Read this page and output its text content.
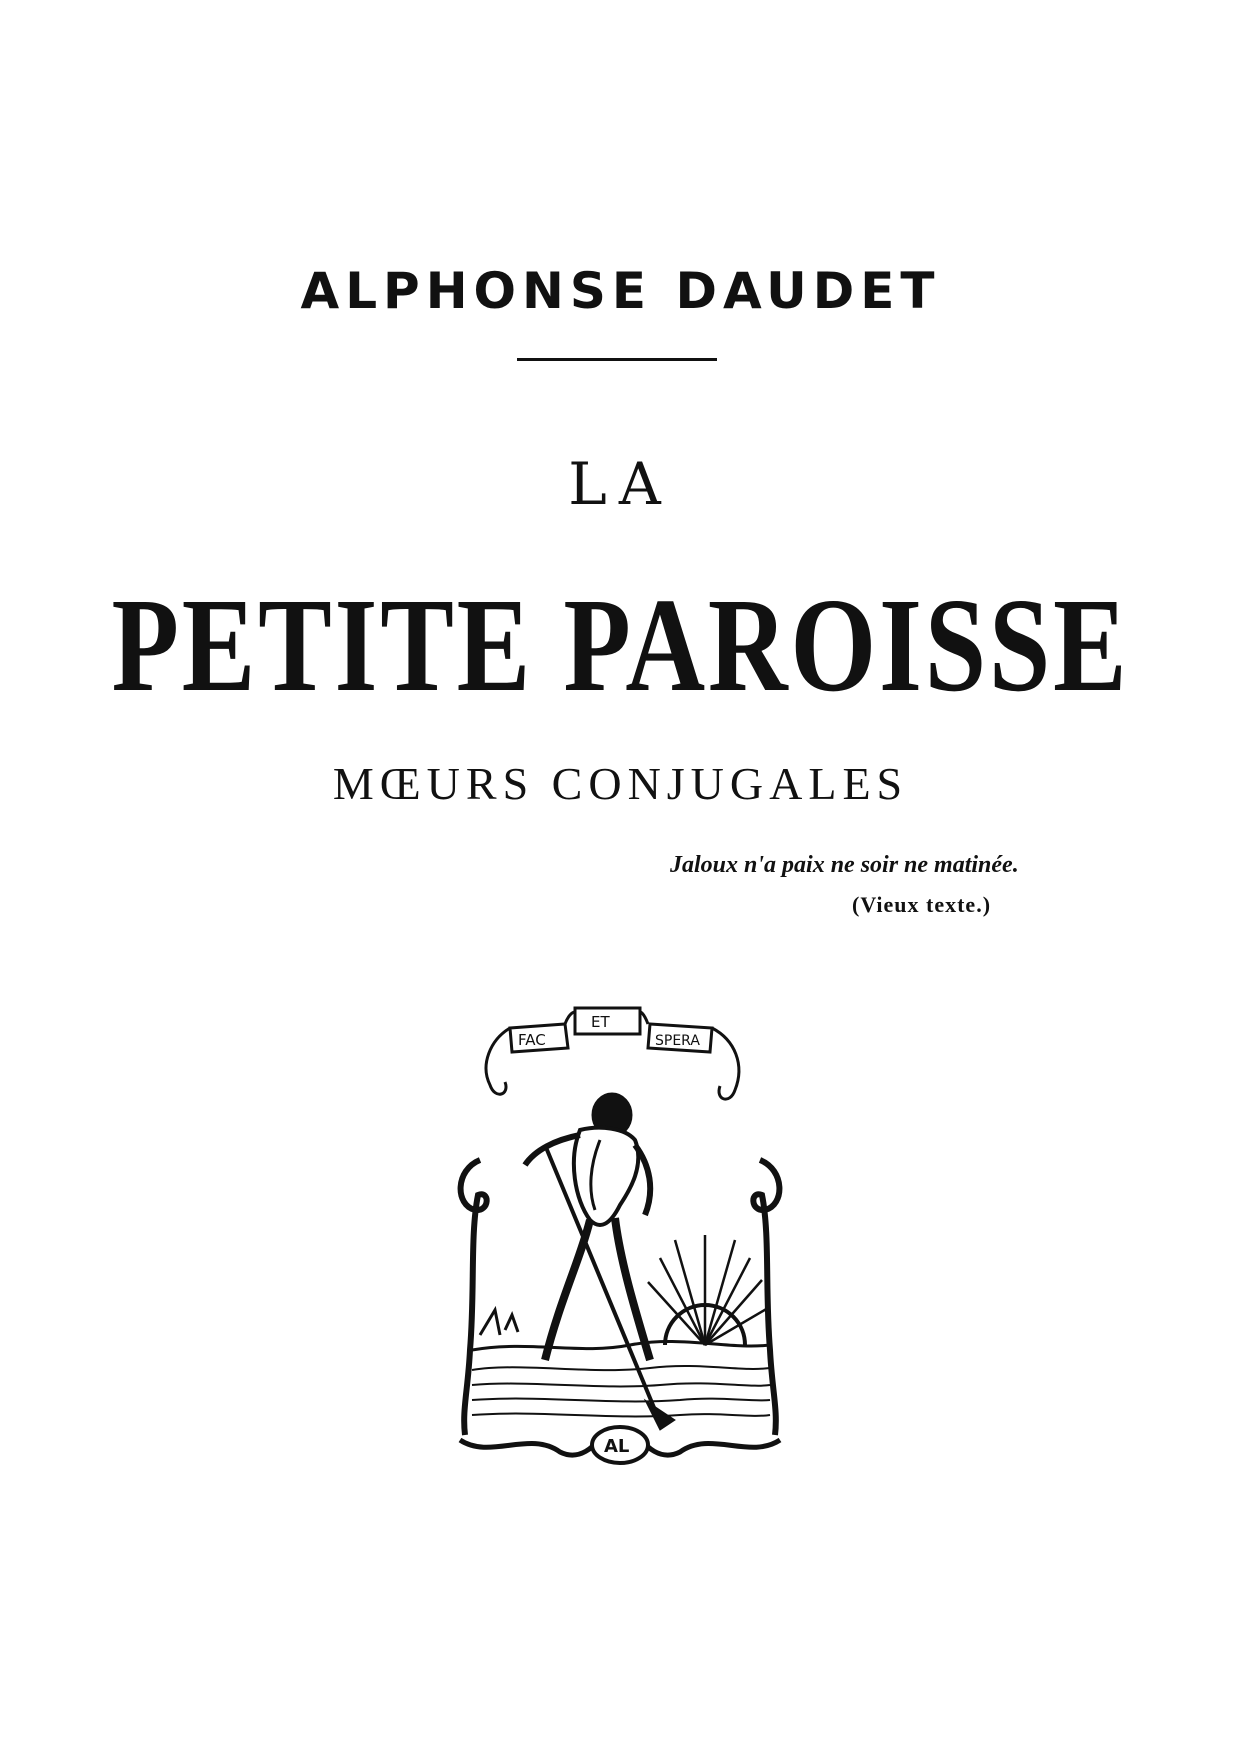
ALPHONSE DAUDET
LA
PETITE PAROISSE
MŒURS CONJUGALES
Jaloux n'a paix ne soir ne matinée.
(Vieux texte.)
FAC
ET
SPERA
AL
